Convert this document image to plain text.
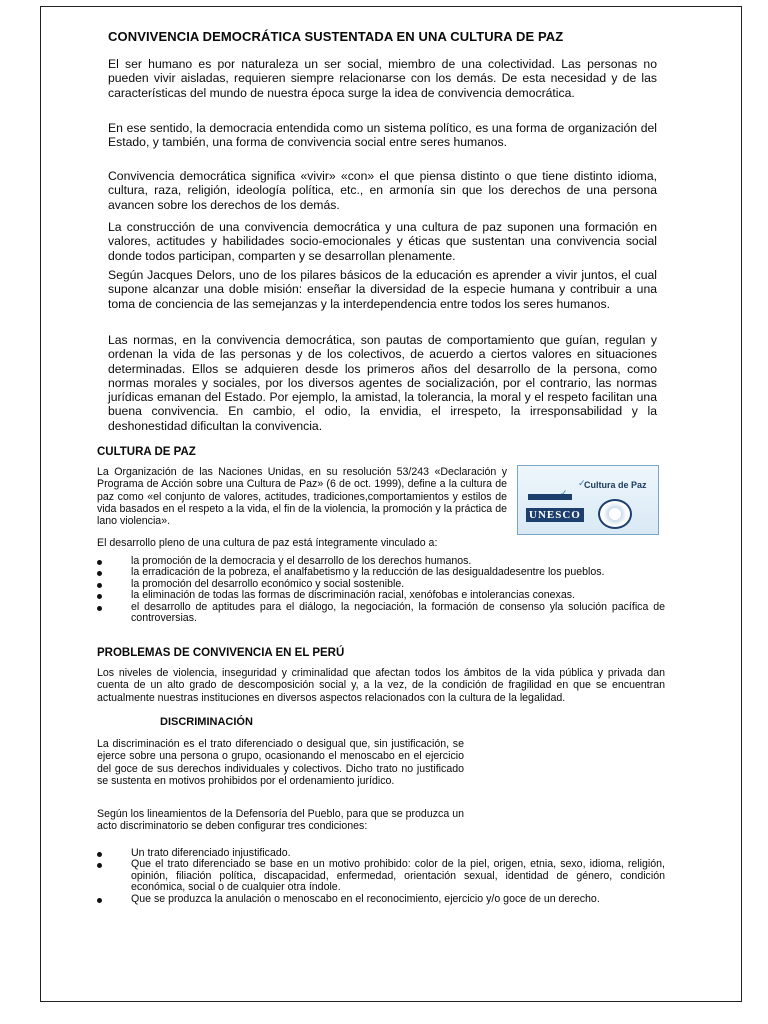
CONVIVENCIA DEMOCRÁTICA SUSTENTADA EN UNA CULTURA DE PAZ

El ser humano es por naturaleza un ser social, miembro de una colectividad. Las personas no pueden vivir aisladas, requieren siempre relacionarse con los demás. De esta necesidad y de las características del mundo de nuestra época surge la idea de convivencia democrática.

En ese sentido, la democracia entendida como un sistema político, es una forma de organización del Estado, y también, una forma de convivencia social entre seres humanos.

Convivencia democrática significa «vivir» «con» el que piensa distinto o que tiene distinto idioma, cultura, raza, religión, ideología política, etc., en armonía sin que los derechos de una persona avancen sobre los derechos de los demás.

La construcción de una convivencia democrática y una cultura de paz suponen una formación en valores, actitudes y habilidades socio-emocionales y éticas que sustentan una convivencia social donde todos participan, comparten y se desarrollan plenamente.

Según Jacques Delors, uno de los pilares básicos de la educación es aprender a vivir juntos, el cual supone alcanzar una doble misión: enseñar la diversidad de la especie humana y contribuir a una toma de conciencia de las semejanzas y la interdependencia entre todos los seres humanos.

Las normas, en la convivencia democrática, son pautas de comportamiento que guían, regulan y ordenan la vida de las personas y de los colectivos, de acuerdo a ciertos valores en situaciones determinadas. Ellos se adquieren desde los primeros años del desarrollo de la persona, como normas morales y sociales, por los diversos agentes de socialización, por el contrario, las normas jurídicas emanan del Estado. Por ejemplo, la amistad, la tolerancia, la moral y el respeto facilitan una buena convivencia. En cambio, el odio, la envidia, el irrespeto, la irresponsabilidad y la deshonestidad dificultan la convivencia.

CULTURA DE PAZ

La Organización de las Naciones Unidas, en su resolución 53/243 «Declaración y Programa de Acción sobre una Cultura de Paz» (6 de oct. 1999), define a la cultura de paz como «el conjunto de valores, actitudes, tradiciones,comportamientos y estilos de vida basados en el respeto a la vida, el fin de la violencia, la promoción y la práctica de lano violencia».

✓
✓
Cultura de Paz
UNESCO

El desarrollo pleno de una cultura de paz está íntegramente vinculado a:

la promoción de la democracia y el desarrollo de los derechos humanos.
la erradicación de la pobreza, el analfabetismo y la reducción de las desigualdadesentre los pueblos.
la promoción del desarrollo económico y social sostenible.
la eliminación de todas las formas de discriminación racial, xenófobas e intolerancias conexas.
el desarrollo de aptitudes para el diálogo, la negociación, la formación de consenso yla solución pacífica de controversias.
PROBLEMAS DE CONVIVENCIA EN EL PERÚ

Los niveles de violencia, inseguridad y criminalidad que afectan todos los ámbitos de la vida pública y privada dan cuenta de un alto grado de descomposición social y, a la vez, de la condición de fragilidad en que se encuentran actualmente nuestras instituciones en diversos aspectos relacionados con la cultura de la legalidad.

DISCRIMINACIÓN

La discriminación es el trato diferenciado o desigual que, sin justificación, se ejerce sobre una persona o grupo, ocasionando el menoscabo en el ejercicio del goce de sus derechos individuales y colectivos. Dicho trato no justificado se sustenta en motivos prohibidos por el ordenamiento jurídico.

Según los lineamientos de la Defensoría del Pueblo, para que se produzca un acto discriminatorio se deben configurar tres condiciones:

Un trato diferenciado injustificado.
Que el trato diferenciado se base en un motivo prohibido: color de la piel, origen, etnia, sexo, idioma, religión, opinión, filiación política, discapacidad, enfermedad, orientación sexual, identidad de género, condición económica, social o de cualquier otra índole.
Que se produzca la anulación o menoscabo en el reconocimiento, ejercicio y/o goce de un derecho.
